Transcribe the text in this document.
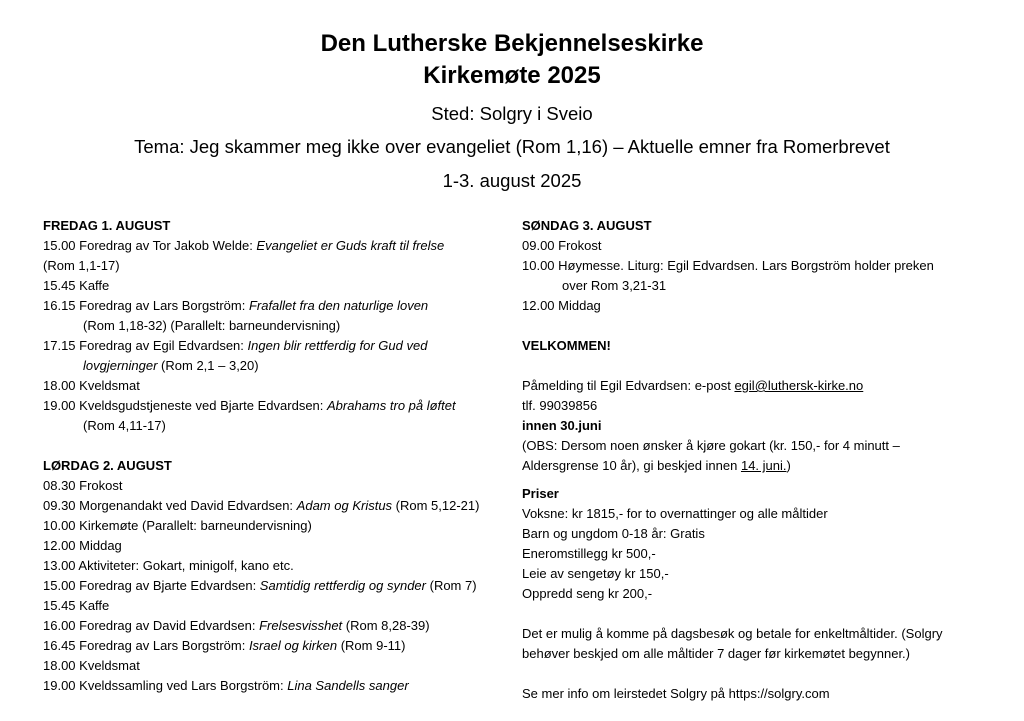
Den Lutherske Bekjennelseskirke
Kirkemøte 2025
Sted: Solgry i Sveio
Tema: Jeg skammer meg ikke over evangeliet (Rom 1,16) – Aktuelle emner fra Romerbrevet
1-3. august 2025
FREDAG 1. AUGUST
15.00 Foredrag av Tor Jakob Welde: Evangeliet er Guds kraft til frelse
(Rom 1,1-17)
15.45 Kaffe
16.15 Foredrag av Lars Borgström: Frafallet fra den naturlige loven
(Rom 1,18-32) (Parallelt: barneundervisning)
17.15 Foredrag av Egil Edvardsen: Ingen blir rettferdig for Gud ved
lovgjerninger (Rom 2,1 – 3,20)
18.00 Kveldsmat
19.00 Kveldsgudstjeneste ved Bjarte Edvardsen: Abrahams tro på løftet
(Rom 4,11-17)
LØRDAG 2. AUGUST
08.30 Frokost
09.30 Morgenandakt ved David Edvardsen: Adam og Kristus (Rom 5,12-21)
10.00 Kirkemøte (Parallelt: barneundervisning)
12.00 Middag
13.00 Aktiviteter: Gokart, minigolf, kano etc.
15.00 Foredrag av Bjarte Edvardsen: Samtidig rettferdig og synder (Rom 7)
15.45 Kaffe
16.00 Foredrag av David Edvardsen: Frelsesvisshet (Rom 8,28-39)
16.45 Foredrag av Lars Borgström: Israel og kirken (Rom 9-11)
18.00 Kveldsmat
19.00 Kveldssamling ved Lars Borgström: Lina Sandells sanger
SØNDAG 3. AUGUST
09.00 Frokost
10.00 Høymesse. Liturg: Egil Edvardsen. Lars Borgström holder preken
over Rom 3,21-31
12.00 Middag
VELKOMMEN!
Påmelding til Egil Edvardsen: e-post egil@luthersk-kirke.no
tlf. 99039856
innen 30.juni
(OBS: Dersom noen ønsker å kjøre gokart (kr. 150,- for 4 minutt –
Aldersgrense 10 år), gi beskjed innen 14. juni.)
Priser
Voksne: kr 1815,- for to overnattinger og alle måltider
Barn og ungdom 0-18 år: Gratis
Eneromstillegg kr 500,-
Leie av sengetøy kr 150,-
Oppredd seng kr 200,-
Det er mulig å komme på dagsbesøk og betale for enkeltmåltider. (Solgry
behøver beskjed om alle måltider 7 dager før kirkemøtet begynner.)
Se mer info om leirstedet Solgry på https://solgry.com
